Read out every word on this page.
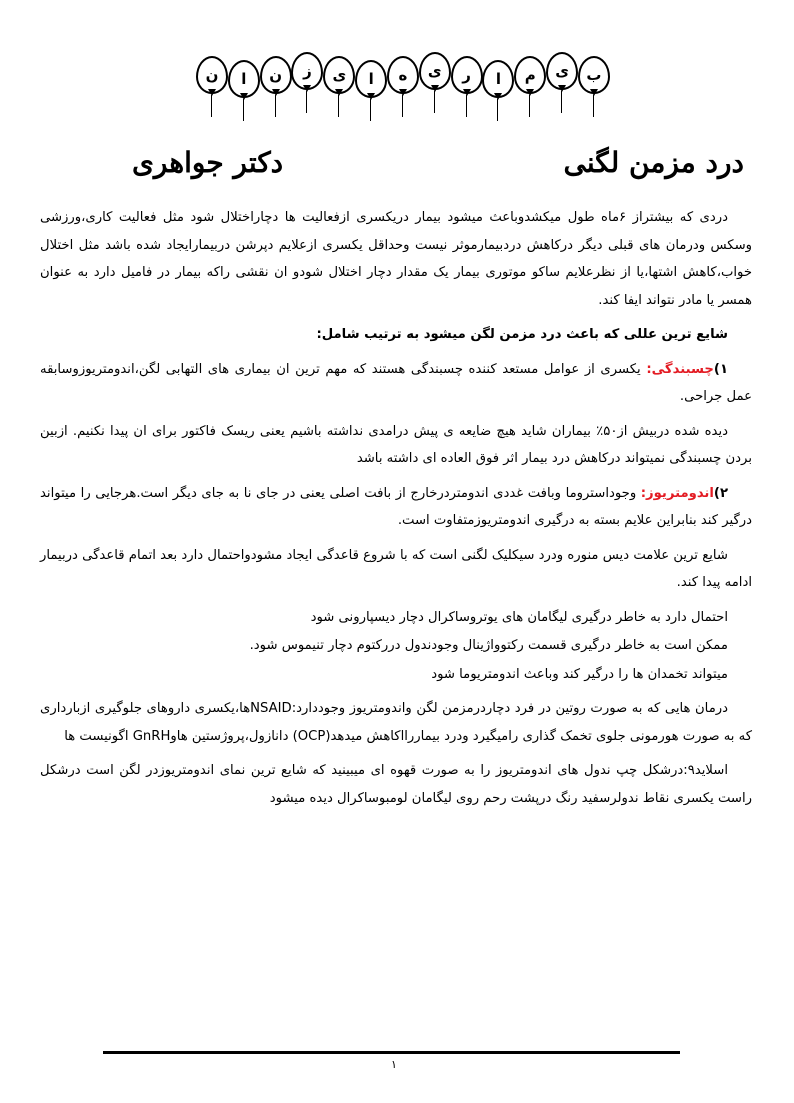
ب
ی
م
ا
ر
ی
ه
ا
ی
ز
ن
ا
ن
درد مزمن لگنی
دکتر جواهری

دردی که بیشتراز ۶ماه طول میکشدوباعث میشود بیمار دریکسری ازفعالیت ها دچاراختلال شود مثل فعالیت کاری،ورزشی وسکس ودرمان های قبلی دیگر درکاهش دردبیمارموثر نیست وحداقل یکسری ازعلایم دپرشن دربیمارایجاد شده باشد مثل اختلال خواب،کاهش اشتها،یا از نظرعلایم ساکو موتوری بیمار یک مقدار دچار اختلال شودو ان نقشی راکه بیمار در فامیل دارد به عنوان همسر یا مادر نتواند ایفا کند.

شایع ترین عللی که باعث درد مزمن لگن میشود به ترتیب شامل:

۱)چسبندگی: یکسری از عوامل مستعد کننده چسبندگی هستند که مهم ترین ان بیماری های التهابی لگن،اندومتریوزوسابقه عمل جراحی.

دیده شده دربیش از۵۰٪ بیماران شاید هیچ ضایعه ی پیش درامدی نداشته باشیم یعنی ریسک فاکتور برای ان پیدا نکنیم. ازبین بردن چسبندگی نمیتواند درکاهش درد بیمار اثر فوق العاده ای داشته باشد

۲)اندومتریوز: وجوداستروما وبافت غددی اندومتردرخارج از بافت اصلی یعنی در جای نا به جای دیگر است.هرجایی را میتواند درگیر کند بنابراین علایم بسته به درگیری اندومتریوزمتفاوت است.

شایع ترین علامت دیس منوره ودرد سیکلیک لگنی است که با شروع قاعدگی ایجاد مشودواحتمال دارد بعد اتمام قاعدگی دربیمار ادامه پیدا کند.

احتمال دارد به خاطر درگیری لیگامان های یوتروساکرال دچار دیسپارونی شود

ممکن است به خاطر درگیری قسمت رکتوواژینال وجودندول دررکتوم دچار تنیموس شود.

میتواند تخمدان ها را درگیر کند وباعث اندومتریوما شود

درمان هایی که به صورت روتین در فرد دچاردرمزمن لگن واندومتریوز وجوددارد:NSAIDها،یکسری داروهای جلوگیری ازبارداری که به صورت هورمونی جلوی تخمک گذاری رامیگیرد ودرد بیماررااکاهش میدهد(OCP) دانازول،پروژستین هاوGnRH اگونیست ها

اسلاید۹:درشکل چپ ندول های اندومتریوز را به صورت قهوه ای میبینید که شایع ترین نمای اندومتریوزدر لگن است درشکل راست یکسری نقاط ندولرسفید رنگ درپشت رحم روی لیگامان لومبوساکرال دیده میشود

۱
